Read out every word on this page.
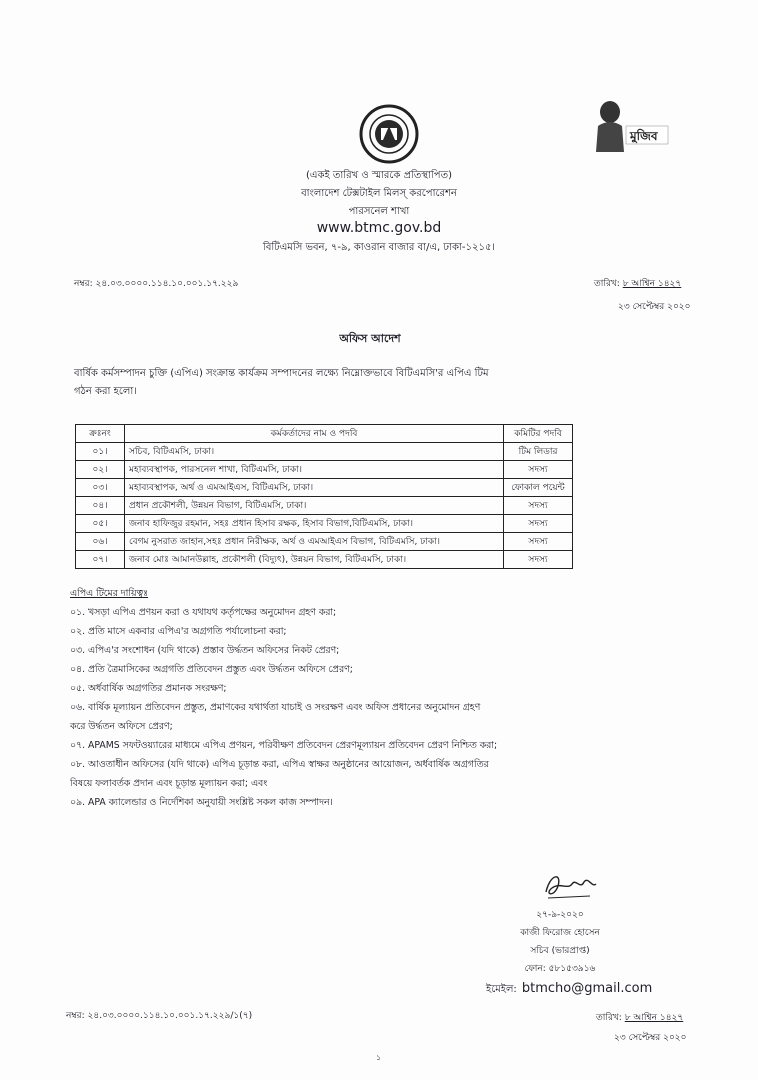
মুজিব
(একই তারিখ ও স্মারকে প্রতিস্থাপিত)
বাংলাদেশ টেক্সটাইল মিলস্ করপোরেশন
পারসনেল শাখা
www.btmc.gov.bd
বিটিএমসি ভবন, ৭-৯, কাওরান বাজার বা/এ, ঢাকা-১২১৫।
নম্বর: ২৪.০৩.০০০০.১১৪.১০.০০১.১৭.২২৯	তারিখ: ৮ আশ্বিন ১৪২৭
২৩ সেপ্টেম্বর ২০২০
অফিস আদেশ
বার্ষিক কর্মসম্পাদন চুক্তি (এপিএ) সংক্রান্ত কার্যক্রম সম্পাদনের লক্ষ্যে নিম্নোক্তভাবে বিটিএমসি'র এপিএ টিম
গঠন করা হলো।
ক্রঃনং	কর্মকর্তাদের নাম ও পদবি	কমিটির পদবি
০১।	সচিব, বিটিএমসি, ঢাকা।	টিম লিডার
০২।	মহাব্যবস্থাপক, পারসনেল শাখা, বিটিএমসি, ঢাকা।	সদস্য
০৩।	মহাব্যবস্থাপক, অর্থ ও এমআইএস, বিটিএমসি, ঢাকা।	ফোকাল পয়েন্ট
০৪।	প্রধান প্রকৌশলী, উন্নয়ন বিভাগ, বিটিএমসি, ঢাকা।	সদস্য
০৫।	জনাব হাফিজুর রহমান, সহঃ প্রধান হিসাব রক্ষক, হিসাব বিভাগ,বিটিএমসি, ঢাকা।	সদস্য
০৬।	বেগম নুসরাত জাহান,সহঃ প্রধান নিরীক্ষক, অর্থ ও এমআইএস বিভাগ, বিটিএমসি, ঢাকা।	সদস্য
০৭।	জনাব মোঃ আমানউল্লাহ, প্রকৌশলী (বিদ্যুৎ), উন্নয়ন বিভাগ, বিটিএমসি, ঢাকা।	সদস্য
এপিএ টিমের দায়িত্বঃ
০১. খসড়া এপিএ প্রণয়ন করা ও যথাযথ কর্তৃপক্ষের অনুমোদন গ্রহণ করা;
০২. প্রতি মাসে একবার এপিএ'র অগ্রগতি পর্যালোচনা করা;
০৩. এপিএ'র সংশোধন (যদি থাকে) প্রস্তাব উর্দ্ধতন অফিসের নিকট প্রেরণ;
০৪. প্রতি ত্রৈমাসিকের অগ্রগতি প্রতিবেদন প্রস্তুত এবং উর্দ্ধতন অফিসে প্রেরণ;
০৫. অর্ধবার্ষিক অগ্রগতির প্রমানক সংরক্ষণ;
০৬. বার্ষিক মূল্যায়ন প্রতিবেদন প্রস্তুত, প্রমাণকের যথার্থতা যাচাই ও সংরক্ষণ এবং অফিস প্রধানের অনুমোদন গ্রহণ
করে উর্দ্ধতন অফিসে প্রেরণ;
০৭. APAMS সফটওয়্যারের মাধ্যমে এপিএ প্রণয়ন, পরিবীক্ষণ প্রতিবেদন প্রেরণমূল্যায়ন প্রতিবেদন প্রেরণ নিশ্চিত করা;
০৮. আওতাধীন অফিসের (যদি থাকে) এপিএ চূড়ান্ত করা, এপিএ স্বাক্ষর অনুষ্ঠানের আয়োজন, অর্ধবার্ষিক অগ্রগতির
বিষয়ে ফলাবর্তক প্রদান এবং চূড়ান্ত মূল্যায়ন করা; এবং
০৯. APA ক্যালেন্ডার ও নির্দেশিকা অনুযায়ী সংশ্লিষ্ট সকল কাজ সম্পাদন।
২৭-৯-২০২০
কাজী ফিরোজ হোসেন
সচিব (ভারপ্রাপ্ত)
ফোন: ৫৮১৫৩৯১৬
ইমেইল: btmcho@gmail.com
নম্বর: ২৪.০৩.০০০০.১১৪.১০.০০১.১৭.২২৯/১(৭)	তারিখ: ৮ আশ্বিন ১৪২৭
২৩ সেপ্টেম্বর ২০২০
১
